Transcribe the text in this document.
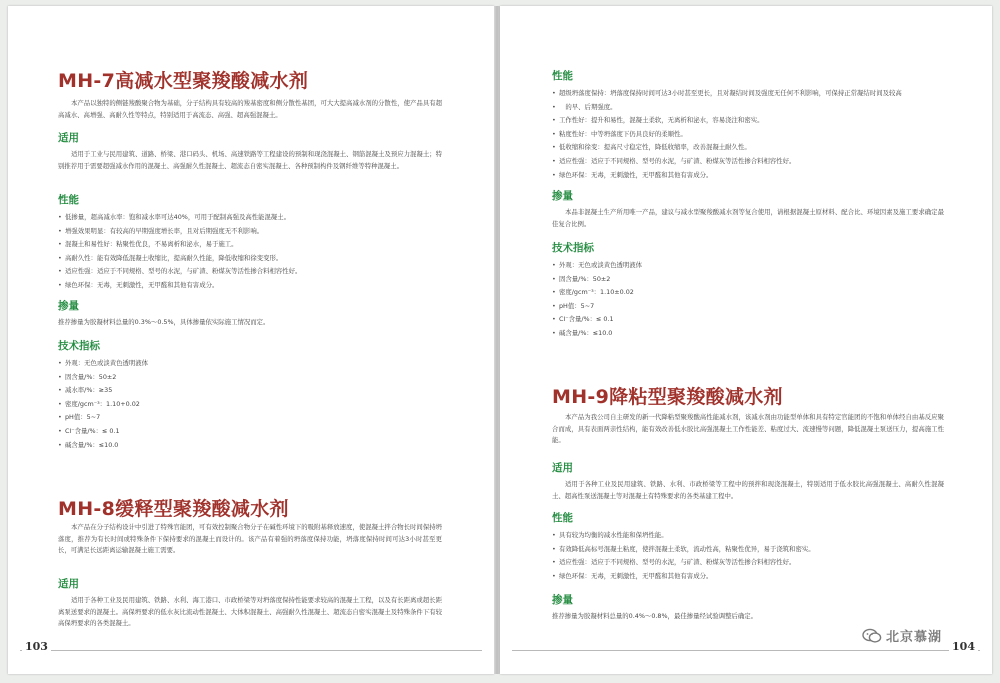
MH-7高减水型聚羧酸减水剂

本产品以独特的侧链羧酸聚合物为基础，分子结构具有较高的羧基密度和侧分散性基团，可大大提高减水剂的分散性，使产品具有超高减水、高增强、高耐久性等特点，特别适用于高流态、高强、超高强混凝土。

适用

适用于工业与民用建筑、道路、桥梁、港口码头、机场、高速铁路等工程建设的预制和现浇混凝土、钢筋混凝土及预应力混凝土；特别推荐用于需要超强减水作用的混凝土、高强耐久性混凝土、超流态自密实混凝土、各种预制构件及钢纤维等特种混凝土。

性能
• 低掺量，超高减水率：饱和减水率可达40%，可用于配制高强及高性能混凝土。
• 增强效果明显：有较高的早期强度增长率，且对后期强度无不利影响。
• 混凝土和易性好：粘聚性优良，不易离析和泌水，易于施工。
• 高耐久性：能有效降低混凝土收缩比，提高耐久性能，降低收缩和徐变变形。
• 适应性强：适应于不同规格、型号的水泥，与矿渣、粉煤灰等活性掺合料相容性好。
• 绿色环保：无毒，无刺激性，无甲醛和其他有害成分。
掺量

推荐掺量为胶凝材料总量的0.3%～0.5%，具体掺量依实际施工情况而定。

技术指标
• 外观：无色或淡黄色透明液体
• 固含量/%：50±2
• 减水率/%：≥35
• 密度/gcm⁻³：1.10+0.02
• pH值：5~7
• Cl⁻含量/%：≤ 0.1
• 碱含量/%：≤10.0
MH-8缓释型聚羧酸减水剂

本产品在分子结构设计中引进了特殊官能团，可有效控制聚合物分子在碱性环境下的吸附基释放速度，使混凝土拌合物长时间保持坍落度，推荐为有长时间或特殊条件下保持要求的混凝土而设计的。该产品有着强的坍落度保持功能，坍落度保持时间可达3小时甚至更长，可满足长远距离运输混凝土施工需要。

适用

适用于各种工业及民用建筑、铁路、水利、海工港口、市政桥梁等对坍落度保持性能要求较高的混凝土工程，以及有长距离或超长距离泵送要求的混凝土。高保坍要求的低水灰比流动性混凝土、大体积混凝土、高强耐久性混凝土、超流态自密实混凝土及特殊条件下有较高保坍要求的各类混凝土。

103
性能
• 超级坍落度保持：坍落度保持时间可达3小时甚至更长，且对凝结时间及强度无任何不利影响，可保持正常凝结时间及较高
• 　的早、后期强度。
• 工作性好：提升和易性，混凝土柔软，无离析和泌水，容易浇注和密实。
• 粘度性好：中等坍落度下仍具良好的柔顺性。
• 低收缩和徐变：提高尺寸稳定性，降低收缩率，改善混凝土耐久性。
• 适应性强：适应于不同规格、型号的水泥，与矿渣、粉煤灰等活性掺合料相容性好。
• 绿色环保：无毒，无刺激性，无甲醛和其他有害成分。
掺量

本品非混凝土生产所用唯一产品，建议与减水型聚羧酸减水剂等复合使用，请根据混凝土原材料、配合比、环境因素及施工要求确定最佳复合比例。

技术指标
• 外观：无色或淡黄色透明液体
• 固含量/%：50±2
• 密度/gcm⁻³：1.10±0.02
• pH值：5~7
• Cl⁻含量/%：≤ 0.1
• 碱含量/%：≤10.0
MH-9降粘型聚羧酸减水剂

本产品为我公司自主研发的新一代降粘型聚羧酸高性能减水剂，该减水剂由功能型单体和具有特定官能团的不饱和单体经自由基反应聚合而成，具有表面两亲性结构，能有效改善低水胶比高强混凝土工作性能差、粘度过大、流速慢等问题，降低混凝土泵送压力，提高施工性能。

适用

适用于各种工业及民用建筑、铁路、水利、市政桥梁等工程中的预拌和现浇混凝土，特别适用于低水胶比高强混凝土、高耐久性混凝土、超高性泵送混凝土等对混凝土有特殊要求的各类基建工程中。

性能
• 具有较为均衡的减水性能和保坍性能。
• 有效降低高标号混凝土粘度，使拌混凝土柔软，流动性高，粘聚性优异，易于浇筑和密实。
• 适应性强：适应于不同规格、型号的水泥，与矿渣、粉煤灰等活性掺合料相容性好。
• 绿色环保：无毒，无刺激性，无甲醛和其他有害成分。
掺量

推荐掺量为胶凝材料总量的0.4%～0.8%，最佳掺量经试验调整后确定。

北京慕湖
104
